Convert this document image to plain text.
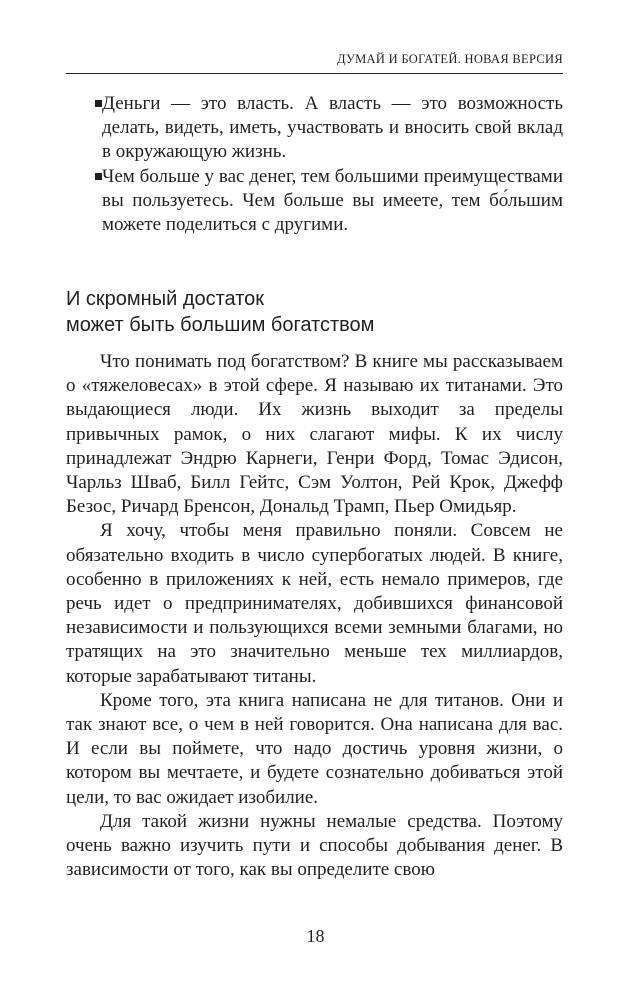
ДУМАЙ И БОГАТЕЙ. НОВАЯ ВЕРСИЯ
Деньги — это власть. А власть — это возможность делать, видеть, иметь, участвовать и вносить свой вклад в окружающую жизнь.
Чем больше у вас денег, тем большими преимуществами вы пользуетесь. Чем больше вы имеете, тем бо́льшим можете поделиться с другими.
И скромный достаток
может быть большим богатством

Что понимать под богатством? В книге мы рассказываем о «тяжеловесах» в этой сфере. Я называю их титанами. Это выдающиеся люди. Их жизнь выходит за пределы привычных рамок, о них слагают мифы. К их числу принадлежат Эндрю Карнеги, Генри Форд, Томас Эдисон, Чарльз Шваб, Билл Гейтс, Сэм Уолтон, Рей Крок, Джефф Безос, Ричард Бренсон, Дональд Трамп, Пьер Омидьяр.

Я хочу, чтобы меня правильно поняли. Совсем не обязательно входить в число супербогатых людей. В книге, особенно в приложениях к ней, есть немало примеров, где речь идет о предпринимателях, добившихся финансовой независимости и пользующихся всеми земными благами, но тратящих на это значительно меньше тех миллиардов, которые зарабатывают титаны.

Кроме того, эта книга написана не для титанов. Они и так знают все, о чем в ней говорится. Она написана для вас. И если вы поймете, что надо достичь уровня жизни, о котором вы мечтаете, и будете сознательно добиваться этой цели, то вас ожидает изобилие.

Для такой жизни нужны немалые средства. Поэтому очень важно изучить пути и способы добывания денег. В зависимости от того, как вы определите свою

18
